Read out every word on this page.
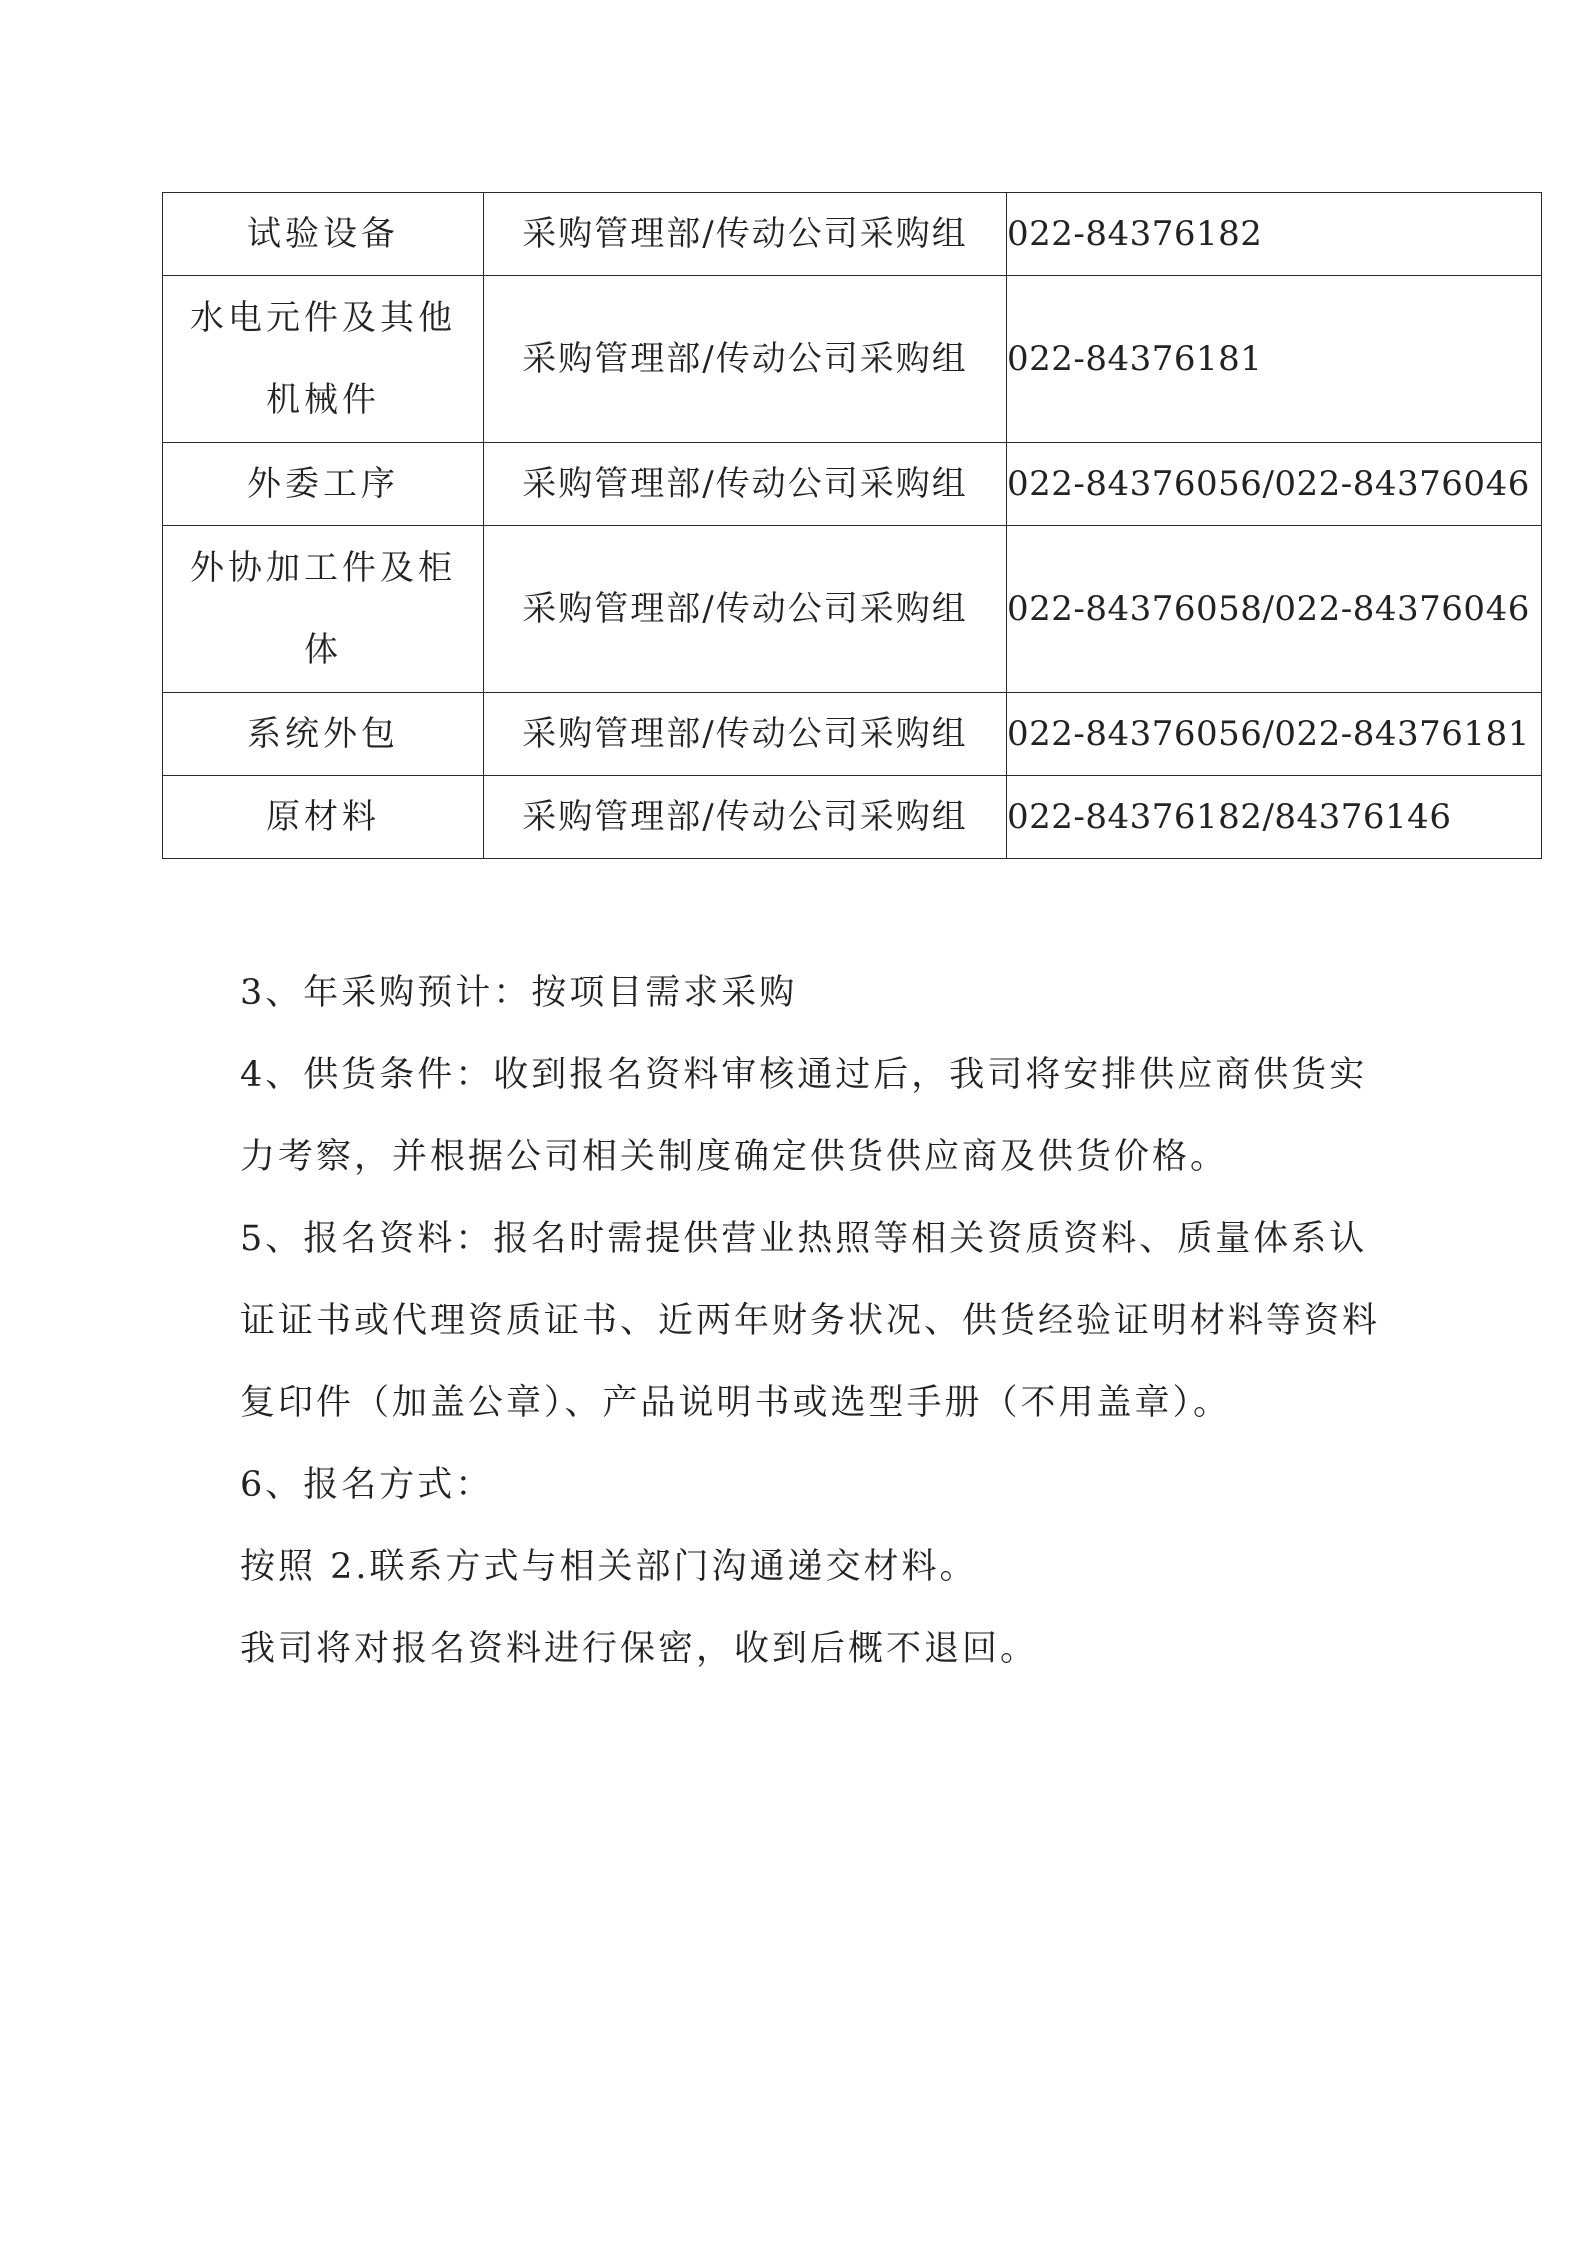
试验设备	采购管理部/传动公司采购组	022-84376182

水电元件及其他
机械件	采购管理部/传动公司采购组	022-84376181

外委工序	采购管理部/传动公司采购组	022-84376056/022-84376046

外协加工件及柜
体	采购管理部/传动公司采购组	022-84376058/022-84376046

系统外包	采购管理部/传动公司采购组	022-84376056/022-84376181

原材料	采购管理部/传动公司采购组	022-84376182/84376146

3、年采购预计：按项目需求采购

4、供货条件：收到报名资料审核通过后，我司将安排供应商供货实

力考察，并根据公司相关制度确定供货供应商及供货价格。

5、报名资料：报名时需提供营业热照等相关资质资料、质量体系认

证证书或代理资质证书、近两年财务状况、供货经验证明材料等资料

复印件（加盖公章）、产品说明书或选型手册（不用盖章）。

6、报名方式：

按照 2.联系方式与相关部门沟通递交材料。

我司将对报名资料进行保密，收到后概不退回。
